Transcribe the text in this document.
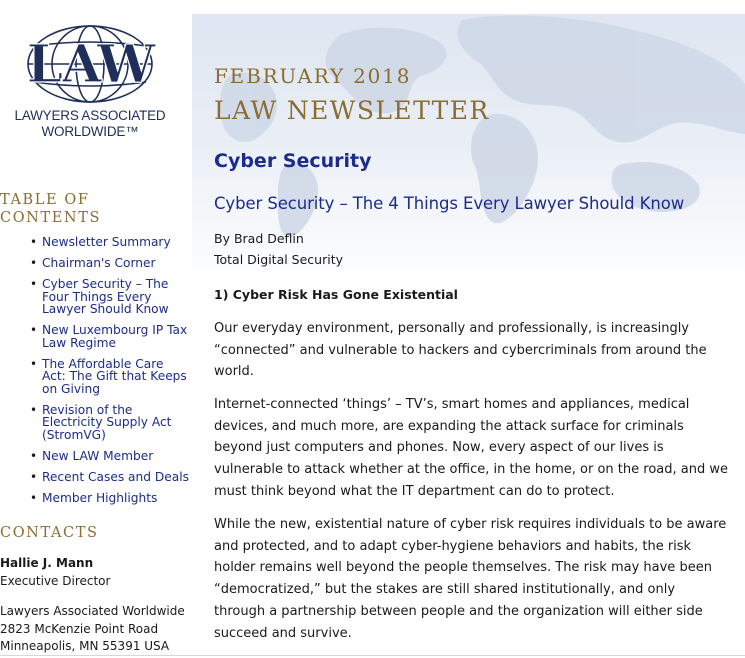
LAW
LAWYERS ASSOCIATED
WORLDWIDE™
TABLE OF CONTENTS
• Newsletter Summary
• Chairman's Corner
• Cyber Security – The Four Things Every Lawyer Should Know
• New Luxembourg IP Tax Law Regime
• The Affordable Care Act: The Gift that Keeps on Giving
• Revision of the Electricity Supply Act (StromVG)
• New LAW Member
• Recent Cases and Deals
• Member Highlights
CONTACTS
Hallie J. Mann
Executive Director
Lawyers Associated Worldwide
2823 McKenzie Point Road
Minneapolis, MN 55391 USA
FEBRUARY 2018
LAW NEWSLETTER
Cyber Security
Cyber Security – The 4 Things Every Lawyer Should Know
By Brad Deflin
Total Digital Security
1) Cyber Risk Has Gone Existential

Our everyday environment, personally and professionally, is increasingly “connected” and vulnerable to hackers and cybercriminals from around the world.

Internet-connected ‘things’ – TV’s, smart homes and appliances, medical devices, and much more, are expanding the attack surface for criminals beyond just computers and phones. Now, every aspect of our lives is vulnerable to attack whether at the office, in the home, or on the road, and we must think beyond what the IT department can do to protect.

While the new, existential nature of cyber risk requires individuals to be aware and protected, and to adapt cyber-hygiene behaviors and habits, the risk holder remains well beyond the people themselves. The risk may have been “democratized,” but the stakes are still shared institutionally, and only through a partnership between people and the organization will either side succeed and survive.
